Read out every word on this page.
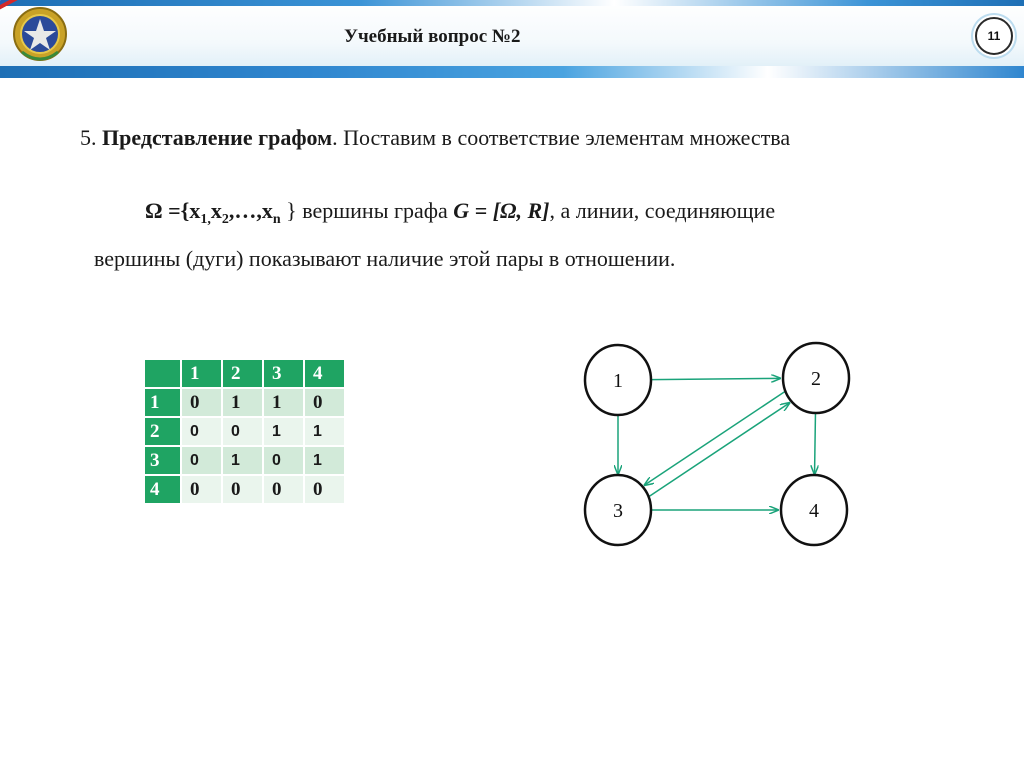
Учебный вопрос №2	11
5. Представление графом. Поставим в соответствие элементам множества
$\Omega =\{x_{1,}x_2,\dots,x_n$ } вершины графа G = [Ω, R], а линии, соединяющие
вершины (дуги) показывают наличие этой пары в отношении.
	1	2	3	4
1	0	1	1	0
2	0	0	1	1
3	0	1	0	1
4	0	0	0	0
1	2
3	4
